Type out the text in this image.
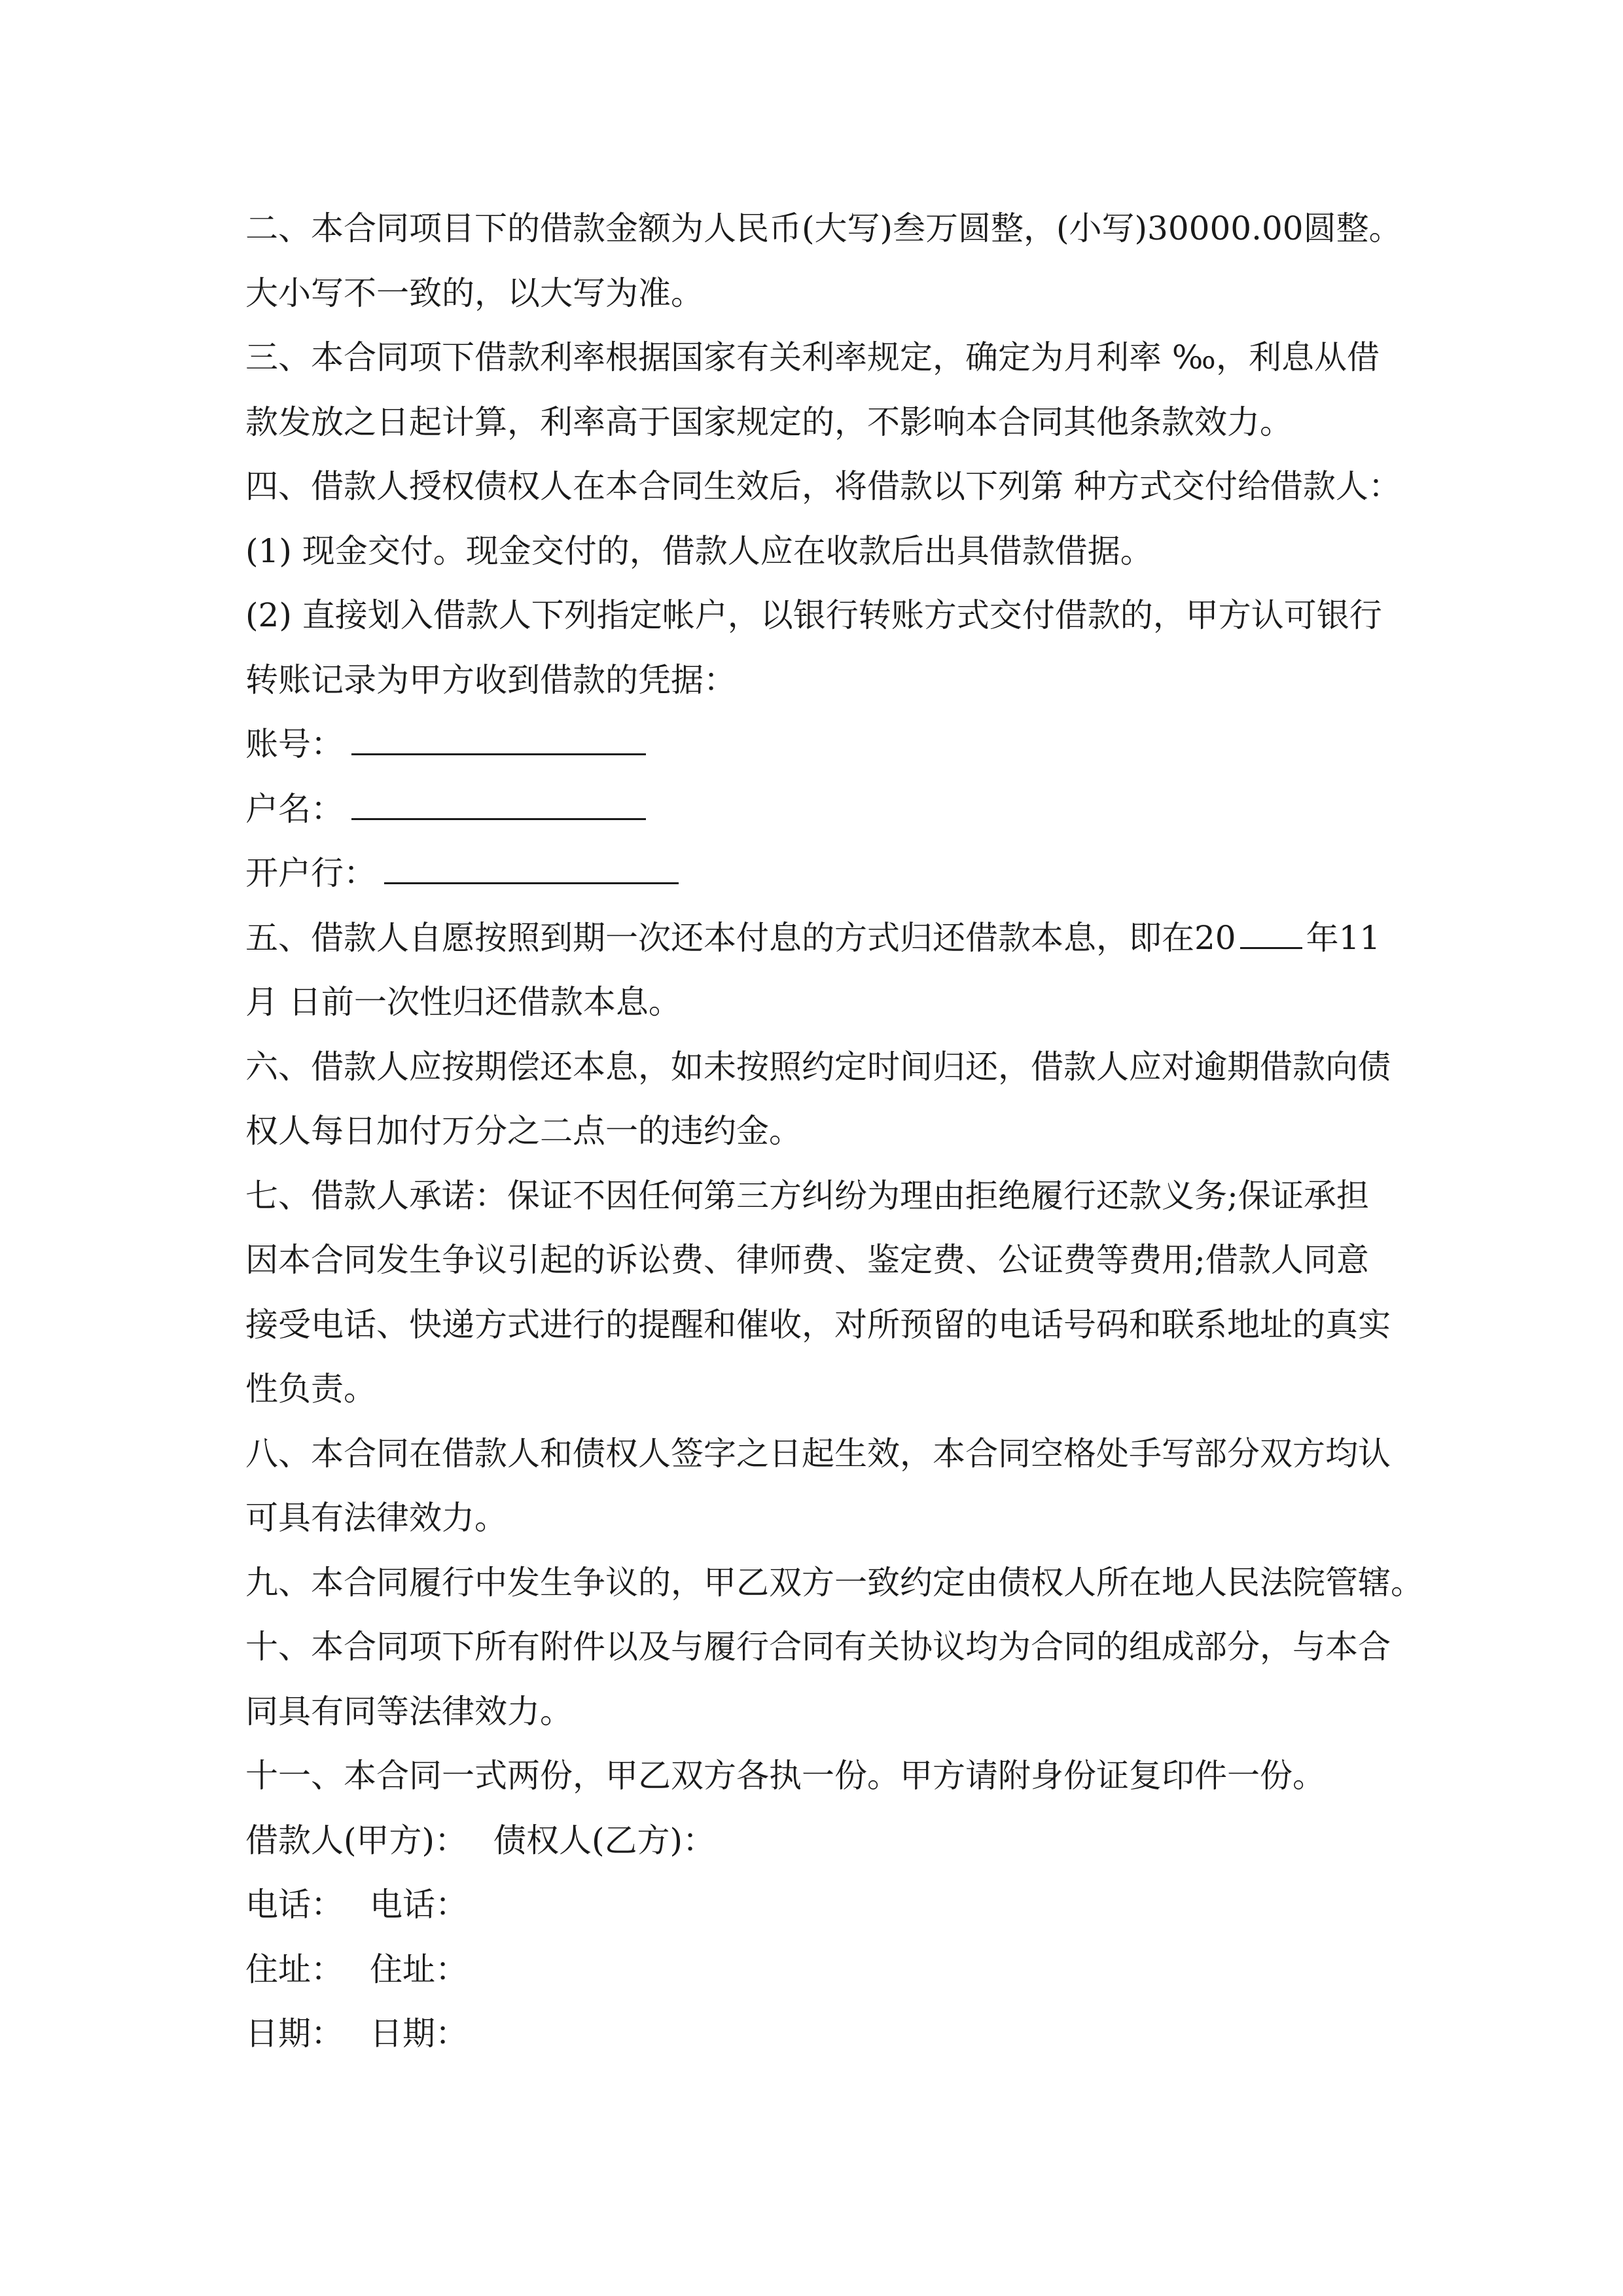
二、本合同项目下的借款金额为人民币(大写)叁万圆整，(小写)30000.00圆整。
大小写不一致的，以大写为准。
三、本合同项下借款利率根据国家有关利率规定，确定为月利率 ‰，利息从借
款发放之日起计算，利率高于国家规定的，不影响本合同其他条款效力。
四、借款人授权债权人在本合同生效后，将借款以下列第 种方式交付给借款人：
(1) 现金交付。现金交付的，借款人应在收款后出具借款借据。
(2) 直接划入借款人下列指定帐户，以银行转账方式交付借款的，甲方认可银行
转账记录为甲方收到借款的凭据：
账号：
户名：
开户行：
五、借款人自愿按照到期一次还本付息的方式归还借款本息，即在20 年11
月 日前一次性归还借款本息。
六、借款人应按期偿还本息，如未按照约定时间归还，借款人应对逾期借款向债
权人每日加付万分之二点一的违约金。
七、借款人承诺：保证不因任何第三方纠纷为理由拒绝履行还款义务;保证承担
因本合同发生争议引起的诉讼费、律师费、鉴定费、公证费等费用;借款人同意
接受电话、快递方式进行的提醒和催收，对所预留的电话号码和联系地址的真实
性负责。
八、本合同在借款人和债权人签字之日起生效，本合同空格处手写部分双方均认
可具有法律效力。
九、本合同履行中发生争议的，甲乙双方一致约定由债权人所在地人民法院管辖。
十、本合同项下所有附件以及与履行合同有关协议均为合同的组成部分，与本合
同具有同等法律效力。
十一、本合同一式两份，甲乙双方各执一份。甲方请附身份证复印件一份。
借款人(甲方)： 债权人(乙方)：
电话： 电话：
住址： 住址：
日期： 日期：
